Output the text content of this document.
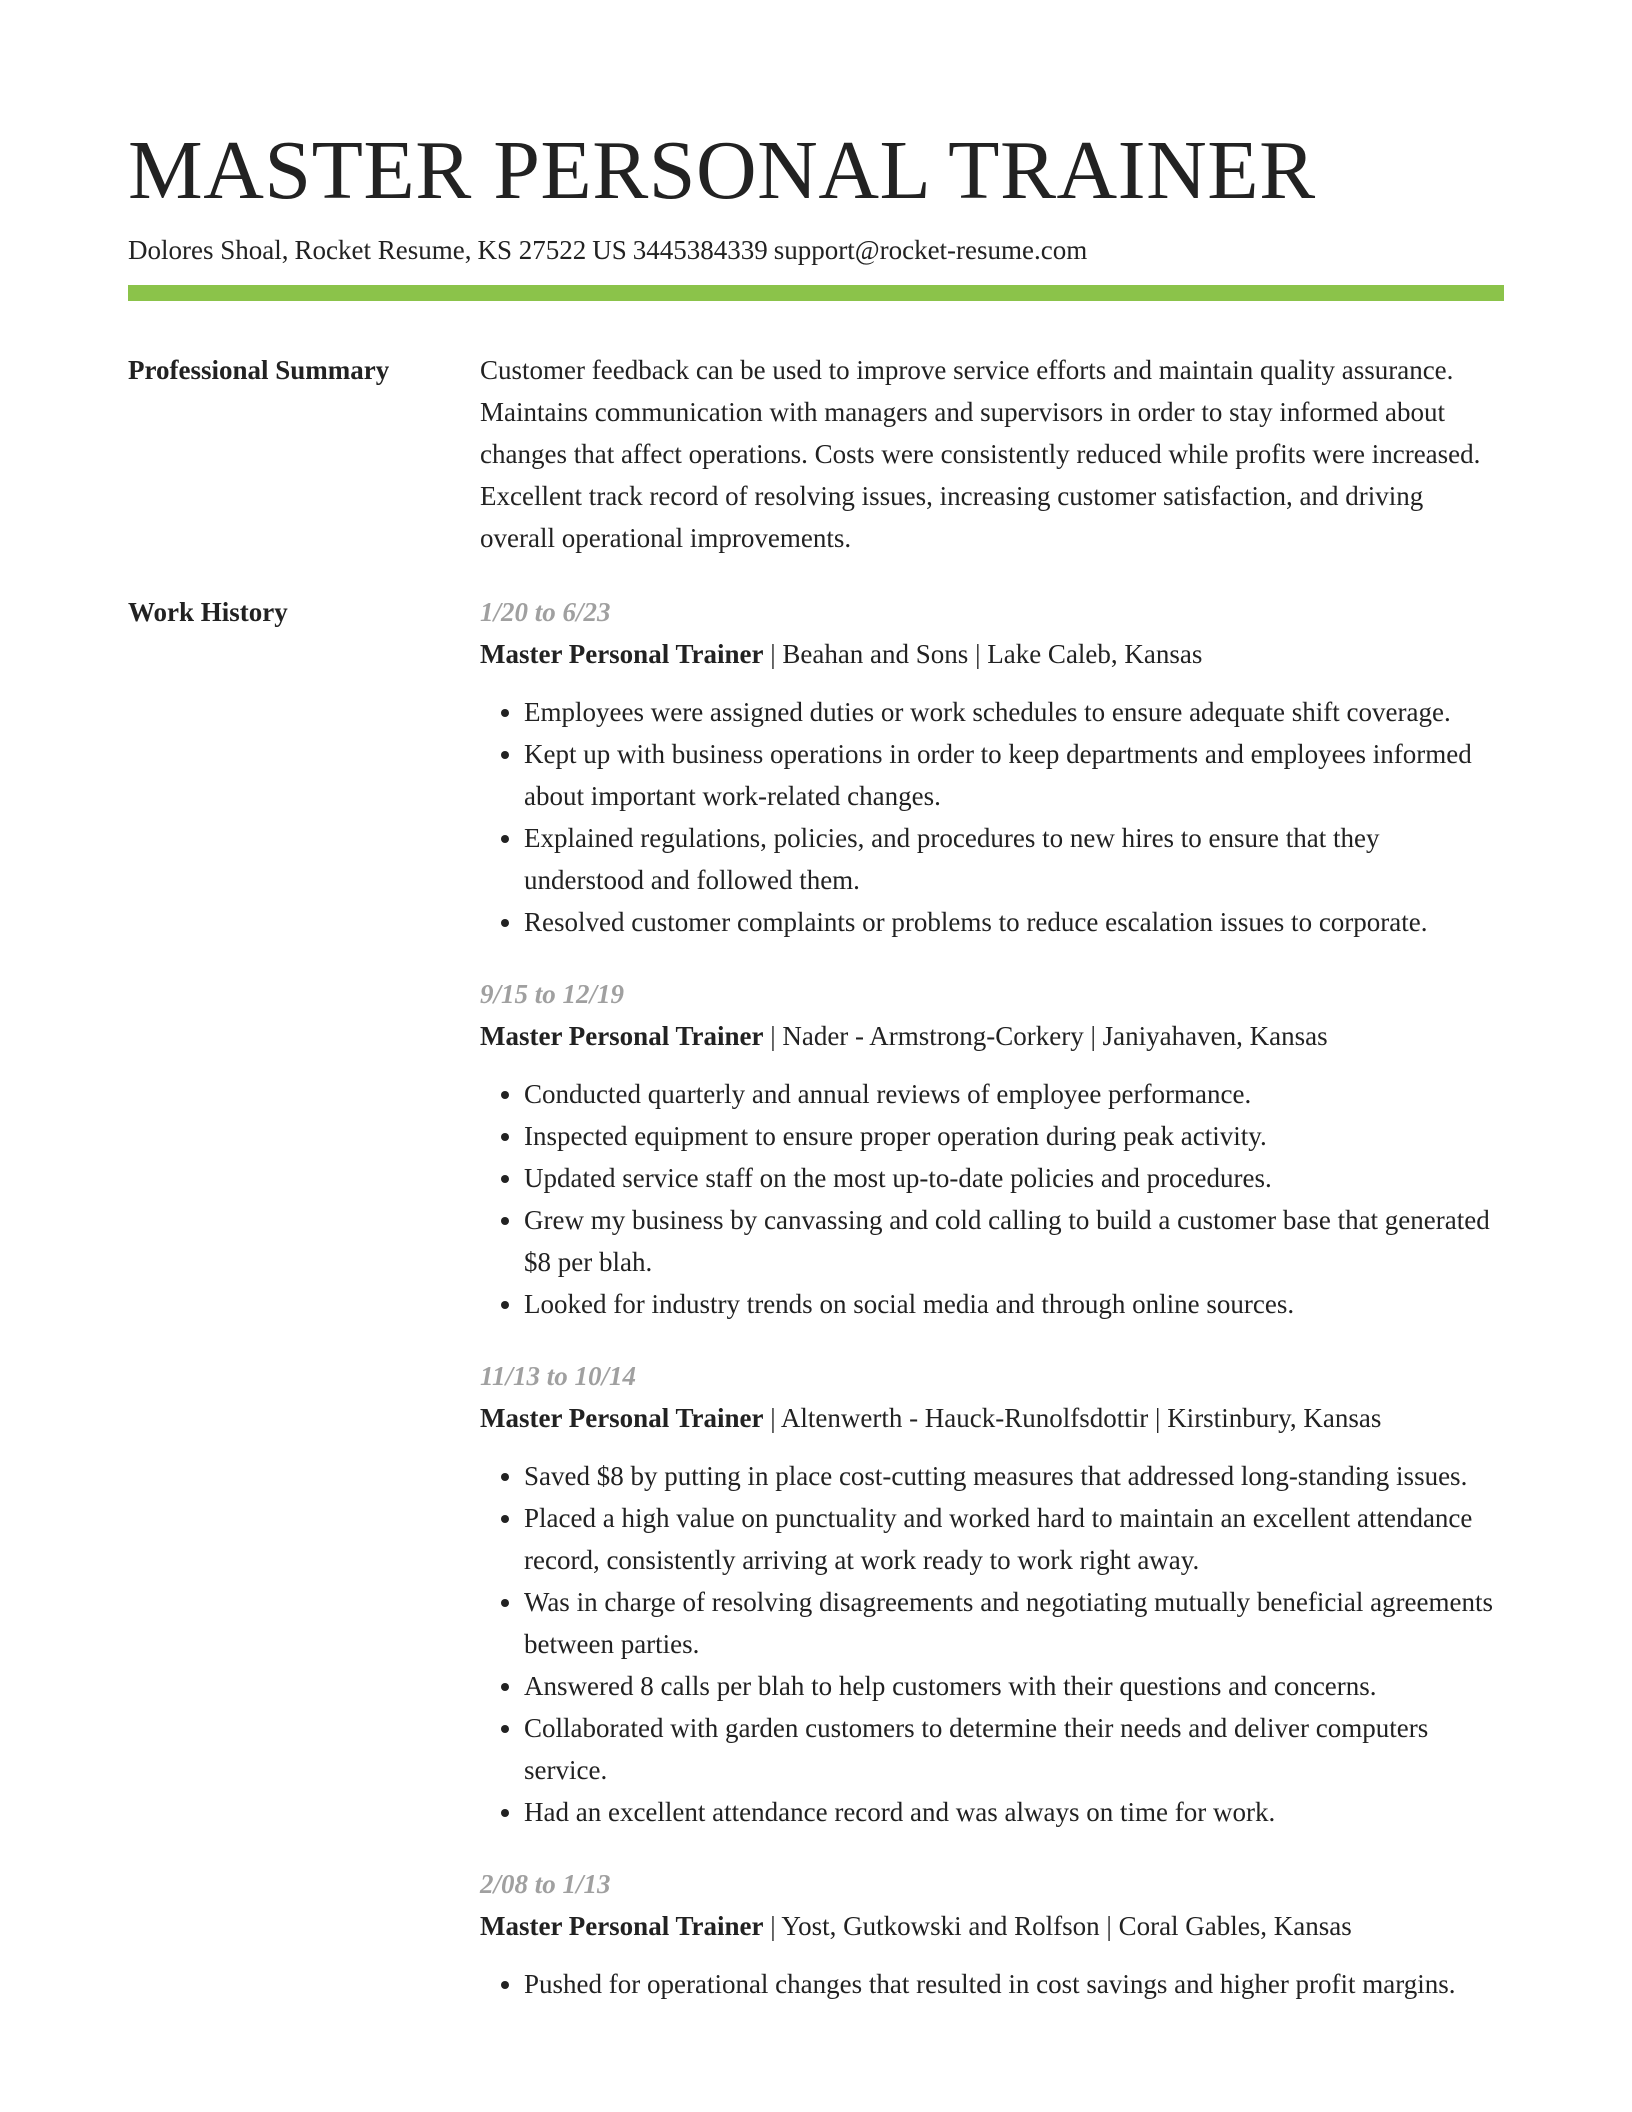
MASTER PERSONAL TRAINER
Dolores Shoal, Rocket Resume, KS 27522 US 3445384339 support@rocket-resume.com
Professional Summary	Customer feedback can be used to improve service efforts and maintain quality assurance. Maintains communication with managers and supervisors in order to stay informed about changes that affect operations. Costs were consistently reduced while profits were increased. Excellent track record of resolving issues, increasing customer satisfaction, and driving overall operational improvements.

Work History	1/20 to 6/23
Master Personal Trainer | Beahan and Sons | Lake Caleb, Kansas
• Employees were assigned duties or work schedules to ensure adequate shift coverage.
• Kept up with business operations in order to keep departments and employees informed about important work-related changes.
• Explained regulations, policies, and procedures to new hires to ensure that they understood and followed them.
• Resolved customer complaints or problems to reduce escalation issues to corporate.
9/15 to 12/19
Master Personal Trainer | Nader - Armstrong-Corkery | Janiyahaven, Kansas
• Conducted quarterly and annual reviews of employee performance.
• Inspected equipment to ensure proper operation during peak activity.
• Updated service staff on the most up-to-date policies and procedures.
• Grew my business by canvassing and cold calling to build a customer base that generated $8 per blah.
• Looked for industry trends on social media and through online sources.
11/13 to 10/14
Master Personal Trainer | Altenwerth - Hauck-Runolfsdottir | Kirstinbury, Kansas
• Saved $8 by putting in place cost-cutting measures that addressed long-standing issues.
• Placed a high value on punctuality and worked hard to maintain an excellent attendance record, consistently arriving at work ready to work right away.
• Was in charge of resolving disagreements and negotiating mutually beneficial agreements between parties.
• Answered 8 calls per blah to help customers with their questions and concerns.
• Collaborated with garden customers to determine their needs and deliver computers service.
• Had an excellent attendance record and was always on time for work.
2/08 to 1/13
Master Personal Trainer | Yost, Gutkowski and Rolfson | Coral Gables, Kansas
• Pushed for operational changes that resulted in cost savings and higher profit margins.
